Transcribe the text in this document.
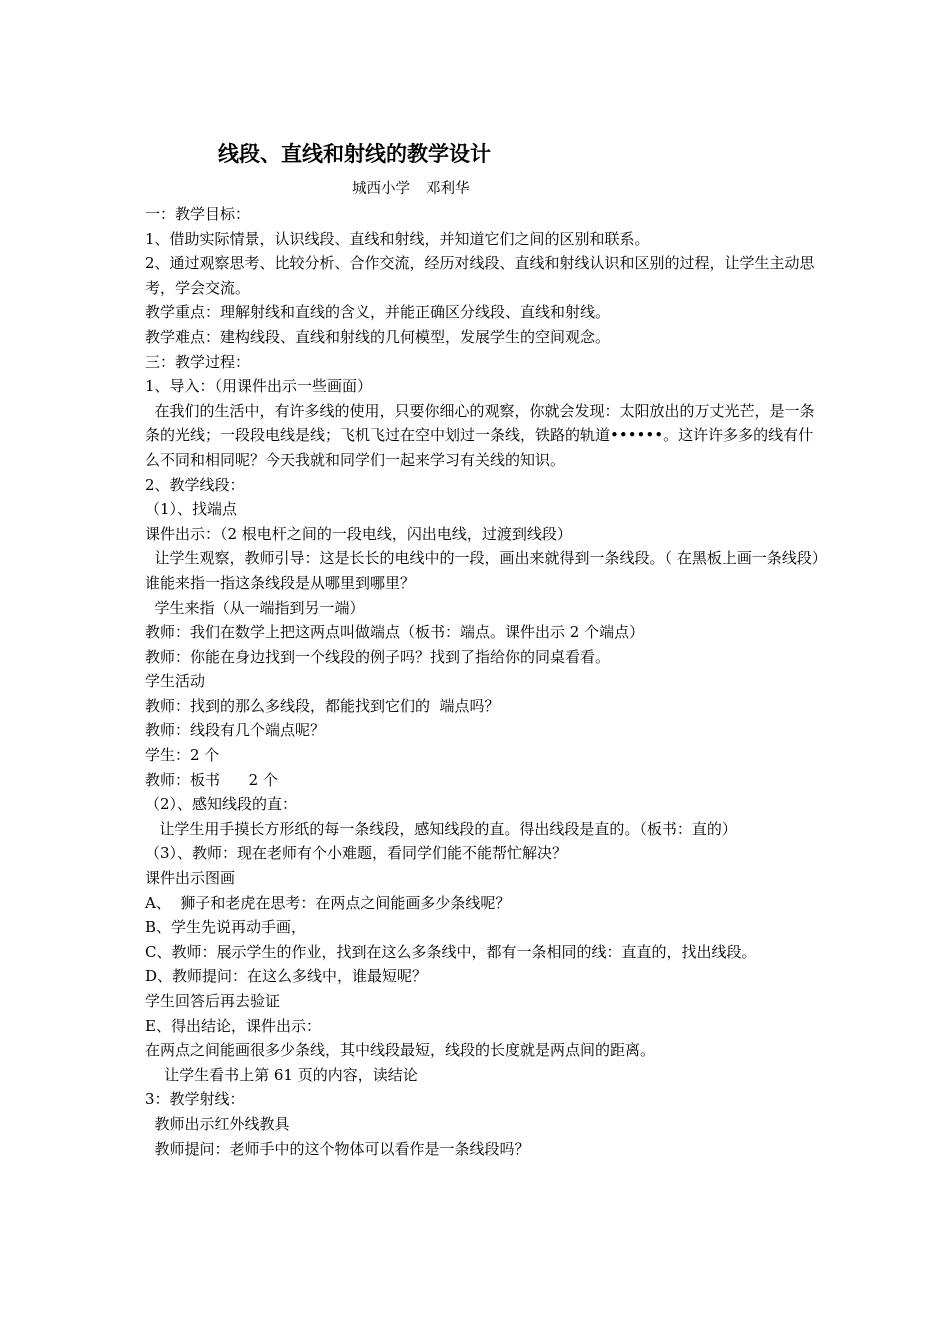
线段、直线和射线的教学设计
城西小学 邓利华
一：教学目标：
1、借助实际情景，认识线段、直线和射线，并知道它们之间的区别和联系。
2、通过观察思考、比较分析、合作交流，经历对线段、直线和射线认识和区别的过程，让学生主动思考，学会交流。
教学重点：理解射线和直线的含义，并能正确区分线段、直线和射线。
教学难点：建构线段、直线和射线的几何模型，发展学生的空间观念。
三：教学过程：
1、导入：（用课件出示一些画面）
在我们的生活中，有许多线的使用，只要你细心的观察，你就会发现：太阳放出的万丈光芒，是一条条的光线；一段段电线是线；飞机飞过在空中划过一条线，铁路的轨道••••••。这许许多多的线有什么不同和相同呢？今天我就和同学们一起来学习有关线的知识。
2、教学线段：
（1）、找端点
课件出示：（2 根电杆之间的一段电线，闪出电线，过渡到线段）
让学生观察，教师引导：这是长长的电线中的一段，画出来就得到一条线段。（ 在黑板上画一条线段）谁能来指一指这条线段是从哪里到哪里？
学生来指（从一端指到另一端）
教师：我们在数学上把这两点叫做端点（板书：端点。课件出示 2 个端点）
教师：你能在身边找到一个线段的例子吗？找到了指给你的同桌看看。
学生活动
教师：找到的那么多线段，都能找到它们的  端点吗？
教师：线段有几个端点呢？
学生：2 个
教师：板书      2 个
（2）、感知线段的直：
让学生用手摸长方形纸的每一条线段，感知线段的直。得出线段是直的。（板书：直的）
（3）、教师：现在老师有个小难题，看同学们能不能帮忙解决？
课件出示图画
A、  狮子和老虎在思考：在两点之间能画多少条线呢？
B、学生先说再动手画，
C、教师：展示学生的作业，找到在这么多条线中，都有一条相同的线：直直的，找出线段。
D、教师提问：在这么多线中，谁最短呢？
学生回答后再去验证
E、得出结论，课件出示：
在两点之间能画很多少条线，其中线段最短，线段的长度就是两点间的距离。
让学生看书上第 61 页的内容，读结论
3：教学射线：
教师出示红外线教具
教师提问：老师手中的这个物体可以看作是一条线段吗？
